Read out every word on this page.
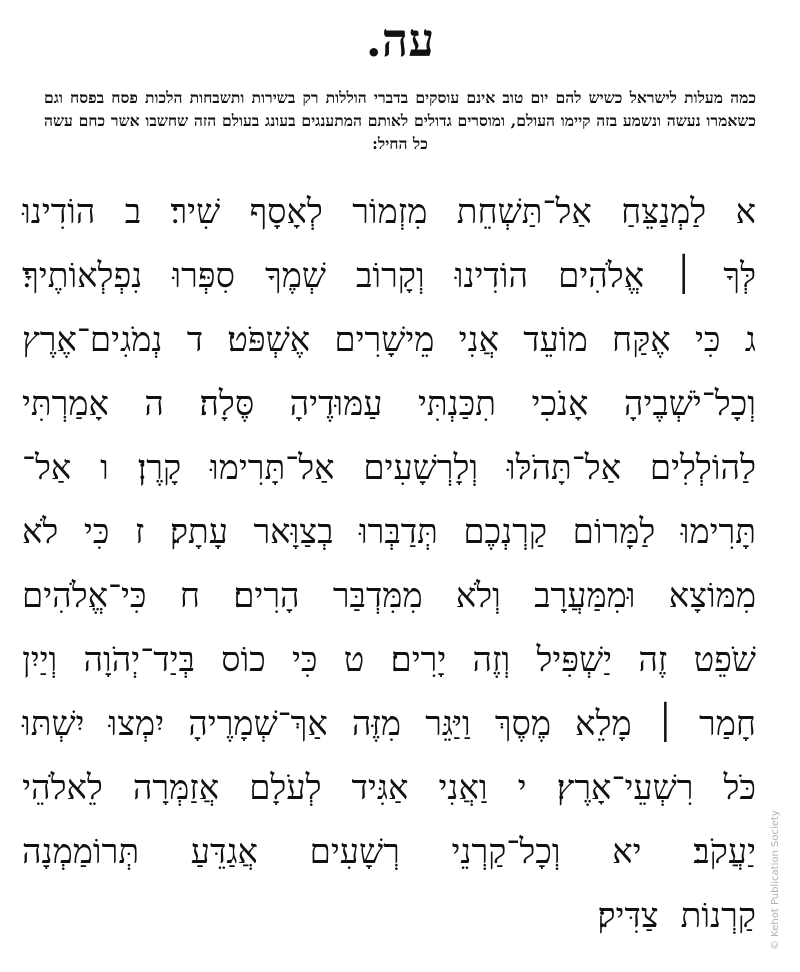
עה.
כמה מעלות לישראל כשיש להם יום טוב אינם עוסקים בדברי הוללות רק בשירות ותשבחות הלכות פסח בפסח וגם כשאמרו נעשה ונשמע בזה קיימו העולם, ומוסרים גדולים לאותם המתענגים בעונג בעולם הזה שחשבו אשר כחם עשה כל החיל:
א
לַמְנַצֵּחַ
אַל־תַּשְׁחֵת
מִזְמוֹר
לְאָסָף
שִׁיר׃
ב
הוֹדִינוּ
לְּךָ
׀
אֱלֹהִים
הוֹדִינוּ
וְקָרוֹב
שְׁמֶךָ
סִפְּרוּ
נִפְלְאוֹתֶיךָ׃
ג
כִּי
אֶקַּח
מוֹעֵד
אֲנִי
מֵישָׁרִים
אֶשְׁפֹּט׃
ד
נְמֹגִים־אֶרֶץ
וְכָל־יֹשְׁבֶיהָ
אָנֹכִי
תִכַּנְתִּי
עַמּוּדֶיהָ
סֶּלָה׃
ה
אָמַרְתִּי
לַהוֹלְלִים
אַל־תָּהֹלּוּ
וְלָרְשָׁעִים
אַל־תָּרִימוּ
קָרֶן׃
ו
אַל־
תָּרִימוּ
לַמָּרוֹם
קַרְנְכֶם
תְּדַבְּרוּ
בְצַוָּאר
עָתָק׃
ז
כִּי
לֹא
מִמּוֹצָא
וּמִמַּעֲרָב
וְלֹא
מִמִּדְבַּר
הָרִים׃
ח
כִּי־אֱלֹהִים
שֹׁפֵט
זֶה
יַשְׁפִּיל
וְזֶה
יָרִים׃
ט
כִּי
כוֹס
בְּיַד־יְהֹוָה
וְיַיִן
חָמַר
׀
מָלֵא
מֶסֶךְ
וַיַּגֵּר
מִזֶּה
אַךְ־שְׁמָרֶיהָ
יִמְצוּ
יִשְׁתּוּ
כֹּל
רִשְׁעֵי־אָרֶץ׃
י
וַאֲנִי
אַגִּיד
לְעֹלָם
אֲזַמְּרָה
לֵאלֹהֵי
יַעֲקֹב׃
יא
וְכָל־קַרְנֵי
רְשָׁעִים
אֲגַדֵּעַ
תְּרוֹמַמְנָה
קַרְנוֹת
צַדִּיק׃	© Kehot Publication Society
